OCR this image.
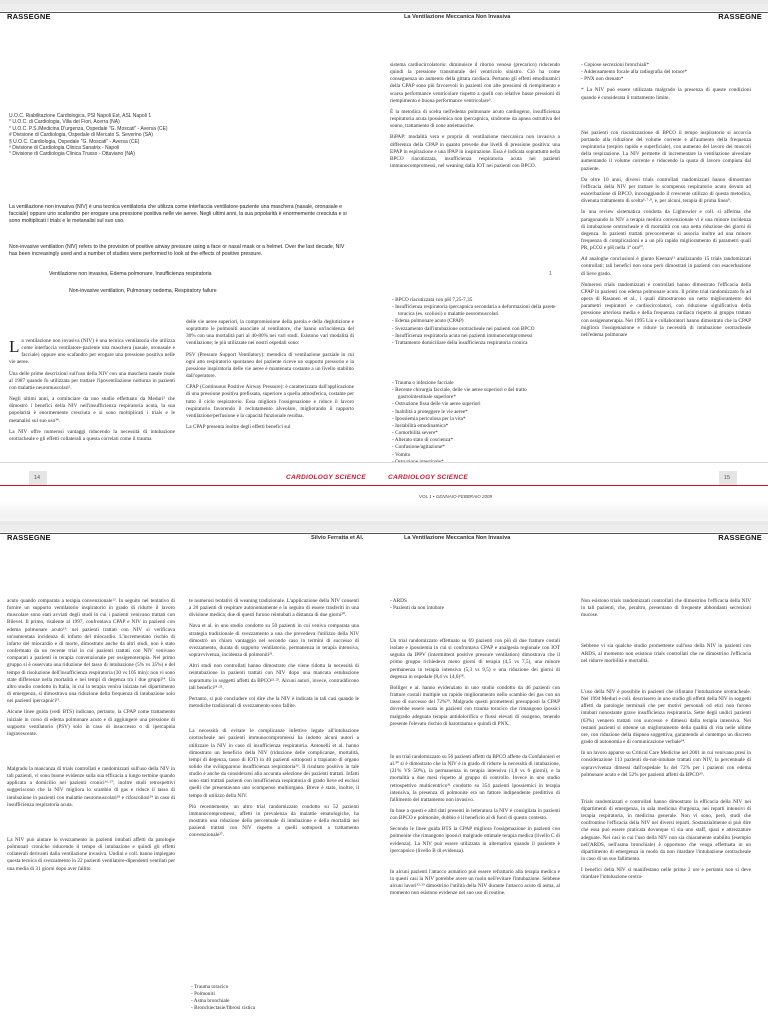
RASSEGNE
U.O.C. Riabilitazione Cardiologica, PSI Napoli Est, ASL Napoli 1
* U.O.C. di Cardiologia, Villa dei Fiori, Acerra (NA)
° U.O.C. P.S./Medicina D'urgenza, Ospedale "G. Moscati" - Aversa (CE)
# Divisione di Cardiologia, Ospedale di Mercato S. Severino (SA)
§ U.O.C. Cardiologia, Ospedale "G. Moscati" - Aversa (CE)
º Divisione di Cardiologia Clinica Sanatrix - Napoli
° Divisione di Cardiologia Clinica Trusso - Ottaviano (NA)
La ventilazione non invasiva (NIV) è una tecnica ventilatoria che utilizza come interfaccia ventilatore-paziente una maschera (nasale, oronasale e facciale) oppure uno scafandro per erogare una pressione positiva nelle vie aeree. Negli ultimi anni, la sua popolarità è enormemente cresciuta e si sono moltiplicati i trials e le metanalisi sul suo uso.
Non-invasive ventilation (NIV) refers to the provision of positive airway pressure using a face or nasal mask or a helmet. Over the last decade, NIV has been increasingly used and a number of studies were performed to look at the effects of positive pressure.
Ventilazione non invasiva, Edema polmonare, Insufficienza respiratoria
Non-invasive ventilation, Pulmonary oedema, Respiratory failure

La ventilazione non invasiva (NIV) è una tecnica ventilatoria che utilizza come interfaccia ventilatore-paziente una maschera (nasale, oronasale e facciale) oppure uno scafandro per erogare una pressione positiva nelle vie aeree.

Una delle prime descrizioni sull'uso della NIV con una maschera nasale risale al 1987 quando fu utilizzata per trattare l'ipoventilazione notturna in pazienti con malattie neuromuscolari¹.

Negli ultimi anni, a cominciare da uno studio effettuato da Meduri² che dimostrò i benefici della NIV nell'insufficienza respiratoria acuta, la sua popolarità è enormemente cresciuta e si sono moltiplicati i trials e le metanalisi sul suo uso³⁴.

La NIV offre numerosi vantaggi riducendo la necessità di intubazione orotracheale e gli effetti collaterali a questa correlati come il trauma

delle vie aeree superiori, la compromissione della parola e della deglutizione e soprattutto le polmoniti associate al ventilatore, che hanno un'incidenza del 30% con una mortalità pari al 40-80% nei vari studi. Esistono vari modalità di ventilazione; le più utilizzate nei nostri ospedali sono:

PSV (Pressure Support Ventilatory): metodica di ventilazione parziale in cui ogni atto respiratorio spontaneo del paziente riceve un supporto pressorio e la pressione inspiratoria delle vie aeree è mantenuta costante a un livello stabilito dall'operatore.

CPAP (Continuous Positive Airway Pressure): è caratterizzata dall'applicazione di una pressione positiva prefissata, superiore a quella atmosferica, costante per tutto il ciclo respiratorio. Essa migliora l'ossigenazione e riduce il lavoro respiratorio favorendo il reclutamento alveolare, migliorando il rapporto ventilazione/perfusione e la capacità funzionale residua.

La CPAP presenta inoltre degli effetti benefici sul

14	CARDIOLOGY SCIENCE
La Ventilazione Meccanica Non Invasiva	RASSEGNE

sistema cardiocircolatorio: diminuisce il ritorno venoso (precarico) riducendo quindi la pressione transmurale del ventricolo sinistro. Ciò ha come conseguenza un aumento della gittata cardiaca. Pertanto gli effetti emodinamici della CPAP sono più favorevoli in pazienti con alte pressioni di riempimento e scarsa performance ventricolare rispetto a quelli con relative basse pressioni di riempimento e buona performance ventricolare⁵.

È la metodica di scelta nell'edema polmonare acuto cardiogeno, insufficienza respiratoria acuta ipossiemica non ipercapnica, sindrome da apnea ostruttiva del sonno, trattamento di zone atelettasiche.

BiPAP: modalità vera e propria di ventilazione meccanica non invasiva a differenza della CPAP in quanto prevede due livelli di pressione positiva: una EPAP in espirazione e una IPAP in inspirazione. Essa è indicata soprattutto nella BPCO riacutizzata, insufficienza respiratoria acuta nei pazienti immunocompromessi, nel weaning dalla IOT nei pazienti con BPCO.

1
- BPCO riacutizzata con pH 7,25-7,35
- Insufficienza respiratoria ipercapnica secondaria a deformazioni della parete toracica (es. scoliosi) o malattie neuromuscolari
- Edema polmonare acuto (CPAP)
- Svezzamento dall'intubazione orotracheale nei pazienti con BPCO
- Insufficienza respiratoria acuta nei pazienti immunocompromessi
- Trattamento domiciliare della insufficienza respiratoria cronica
- Trauma o infezione facciale
- Recente chirurgia facciale, delle vie aeree superiori o del tratto gastrointestinale superiore*
- Ostruzione fissa delle vie aeree superiori
- Inabilità a proteggere le vie aeree*
- Ipossiemia pericolosa per la vita*
- Instabilità emodinamica*
- Comorbilità severe*
- Alterato stato di coscienza*
- Confusione/agitazione*
- Vomito
-
- Copiose secrezioni bronchiali*
- Addensamento focale alla radiografia del torace*
- PNX non drenato*

* La NIV può essere utilizzata malgrado la presenza di queste condizioni quando è considerata il trattamento limite.

Nei pazienti con riacutizzazione di BPCO il tempo inspiratorio si accorcia portando alla riduzione del volume corrente e all'aumento della frequenza respiratoria (respiro rapido e superficiale), con aumento del lavoro dei muscoli della respirazione. La NIV permette di incrementare la ventilazione alveolare aumentando il volume corrente e riducendo la quota di lavoro compiuta dal paziente.

Da oltre 10 anni, diversi trials controllati randomizzati hanno dimostrato l'efficacia della NIV per trattare lo scompenso respiratorio acuto dovuto ad esacerbazione di BPCO, incoraggiando il crescente utilizzo di questa metodica, divenuta trattamento di scelta⁶·⁷·⁸, e, per alcuni, terapia di prima linea⁹.

In una review sistematica condotta da Lightowler e coll. si afferma che paragonando la NIV a terapia medica convenzionale vi è una minore incidenza di intubazione orotracheale e di mortalità con una netta riduzione dei giorni di degenza. In pazienti trattati precocemente si associa inoltre ad una minore frequenza di complicazioni e a un più rapido miglioramento di parametri quali PR, pCO2 e pH nella 1ª ora¹⁰.

Ad analoghe conclusioni è giunto Keenan¹¹ analizzando 15 trials randomizzati controllati: tali benefici non sono però dimostrati in pazienti con esacerbazione di lieve grado.

Numerosi trials randomizzati e controllati hanno dimostrato l'efficacia della CPAP in pazienti con edema polmonare acuto. Il primo trial randomizzato fu ad opera di Rasanen et al., i quali dimostrarono un netto miglioramento dei parametri respiratori e cardiocircolatori, con riduzione significativa della pressione arteriosa media e della frequenza cardiaca rispetto al gruppo trattato con ossigenoterapia. Nel 1995 Lin e collaboratori hanno dimostrato che la CPAP migliora l'ossigenazione e riduce la necessità di intubazione orotracheale nell'edema polmonare

CARDIOLOGY SCIENCE	15
VOL 1 • GENNAIO-FEBBRAIO 2009
RASSEGNE	Silvio Ferratta et Al.

acuto quando comparata a terapia convenzionale¹². In seguito nel tentativo di fornire un supporto ventilatorio inspiratorio in grado di ridurre il lavoro muscolare sono stati avviati degli studi in cui i pazienti venivano trattati con Bilevel. Il primo, risalente al 1997, confrontava CPAP e NIV in pazienti con edema polmonare acuto¹³: nei pazienti trattati con NIV si verificava un'aumentata incidenza di infarto del miocardio. L'incrementato rischio di infarto del miocardio e di morte, dimostrato anche da altri studi, non è stato confermato da un recente trial in cui pazienti trattati con NIV venivano comparati a pazienti in terapia convenzionale per ossigenoterapia. Nel primo gruppo si è osservata una riduzione del tasso di intubazione (5% vs 35%) e del tempo di risoluzione dell'insufficienza respiratoria (30 vs 105 min): non vi sono state differenze nella mortalità e nei tempi di degenza tra i due gruppi¹⁴. Un altro studio condotto in Italia, in cui la terapia veniva iniziata nel dipartimento di emergenza, si dimostrava una riduzione della frequenza di intubazione solo nei pazienti ipercapnici¹⁵.

Alcune linee guida (vedi BTS) indicano, pertanto, la CPAP come trattamento iniziale in corso di edema polmonare acuto e di aggiungere una pressione di supporto ventilatorio (PSV) solo in caso di insuccesso o di ipercapnia ingravescente.

Malgrado la mancanza di trials controllati e randomizzati sull'uso della NIV in tali pazienti, vi sono buone evidenze sulla sua efficacia a lungo termine quando applicata a domicilio nei pazienti cronici¹⁶·¹⁷; inoltre studi retrospettivi suggeriscono che la NIV migliora lo scambio di gas e riduce il tasso di intubazione in pazienti con malattie neuromuscolari¹⁸ e cifoscoliosi¹⁹ in caso di insufficienza respiratoria acuta.

La NIV può aiutare lo svezzamento in pazienti intubati affetti da patologie polmonari croniche riducendo il tempo di intubazione e quindi gli effetti collaterali derivanti dalla ventilazione invasiva. Undini e coll. hanno impiegato questa tecnica di svezzamento in 22 pazienti ventilatore-dipendenti ventilati per una media di 31 giorni dopo aver fallito

te numerosi tentativi di weaning tradizionale. L'applicazione della NIV consentì a 20 pazienti di respirare autonomamente e in seguito di essere trasferiti in una divisione medica; due di questi furono reintubati a distanza di due giorni²⁰.

Nava et al. in uno studio condotto su 50 pazienti in cui veniva comparata una strategia tradizionale di svezzamento a una che prevedeva l'utilizzo della NIV dimostrò un chiaro vantaggio nel secondo caso in termini di successo di svezzamento, durata di supporto ventilatorio, permanenza in terapia intensiva, sopravvivenza, incidenza di polmoniti²¹.

Altri studi non controllati hanno dimostrato che viene ridotta la necessità di reintubazione in pazienti trattati con NIV dopo una mancata estubazione soprattutto in soggetti affetti da BPCO²²·²³. Alcuni autori, invece, contraddicono tali benefici²⁴·²⁵.

Pertanto, si può concludere col dire che la NIV è indicata in tali casi quando le metodiche tradizionali di svezzamento sono fallite.

La necessità di evitare le complicanze infettive legate all'intubazione orotracheale nei pazienti immunocompromessi ha indotto alcuni autori a utilizzare la NIV in caso di insufficienza respiratoria. Antonelli et al. hanno dimostrato un beneficio della NIV (riduzione delle complicanze, mortalità, tempi di degenza, tasso di IOT) in 40 pazienti sottoposti a trapianto di organo solido che svilupparono insufficienza respiratoria²⁶. Il risultato positivo in tale studio è anche da considerarsi alla accurata selezione dei pazienti trattati. Infatti sono stati trattati pazienti con insufficienza respiratoria di grado lieve ed esclusi quelli che presentavano uno scompenso multiorgano. Breve è stato, inoltre, il tempo di utilizzo della NIV.

Più recentemente, un altro trial randomizzato condotto su 52 pazienti immunocompromessi, affetti in prevalenza da malattie ematologiche, ha mostrato una riduzione della percentuale di intubazione e della mortalità nei pazienti trattati con NIV rispetto a quelli sottoposti a trattamento convenzionale²⁷.

- Trauma toracico
- Polmoniti
- Asma bronchiale
- Bronchiectasie/fibrosi cistica
La Ventilazione Meccanica Non Invasiva	RASSEGNE
- ARDS
- Pazienti da non intubare

Un trial randomizzato effettuato su 69 pazienti con più di due fratture costali isolate e ipossiemia in cui si confrontava CPAP e analgesia regionale con IOT seguita da IPPV (intermittent positive pressure ventilation) dimostrava che il primo gruppo richiedeva meno giorni di terapia (4,5 vs 7,5), una minore permanenza in terapia intensiva (5,3 vs 9,5) e una riduzione dei giorni di degenza in ospedale (8,4 vs 14,6)²⁸.

Bolliger e al. hanno evidenziato in uno studio condotto da 46 pazienti con fratture costali multiple un rapido miglioramento nello scambio dei gas con un tasso di successo del 72%²⁹. Malgrado questi promettenti presupposti la CPAP dovrebbe essere usata in pazienti con trauma toracico che rimangono ipossici malgrado adeguata terapia antidolorifica e flussi elevati di ossigeno, tenendo presente l'elevato rischio di barotrauma e quindi di PNX.

In un trial randomizzato su 56 pazienti affetti da BPCO affette da Confalonieri et al.³⁰ si è dimostrato che la NIV è in grado di ridurre la necessità di intubazione, (21% VS 50%), la permanenza in terapia intensiva (1,8 vs 6 giorni), e la mortalità a due mesi rispetto al gruppo di controllo. Invece in uno studio retrospettivo multicentrico³¹ condotto su 354 pazienti ipossiemici in terapia intensiva, la presenza di polmonite era un fattore indipendente predittivo di fallimento del trattamento non invasivo.

In base a questi e altri dati presenti in letteratura la NIV è consigliata in pazienti con BPCO e polmonite, dubbio è il beneficio al di fuori di questo contesto.

Secondo le linee guida BTS la CPAP migliora l'ossigenazione in pazienti con polmonite che rimangono ipossici malgrado ottimale terapia medica (livello C di evidenza). La NIV può essere utilizzata in alternativa quando il paziente è ipercapnico (livello B di evidenza).

In alcuni pazienti l'attacco asmatico può essere refrattario alla terapia medica e in questi casi la NIV potrebbe avere un ruolo nell'evitare l'intubazione. Sebbene alcuni lavori³²·³³ dimostrino l'utilità della NIV durante l'attacco acuto di asma, al momento non esistono evidenze nel suo uso di routine.

Non esistono trials randomizzati controllati che dimostrino l'efficacia della NIV in tali pazienti, che, peraltro, presentano di frequente abbondanti secrezioni mucose.

Sebbene vi sia qualche studio promettente sull'uso della NIV in pazienti con ARDS, al momento non esistono trials controllati che ne dimostrino l'efficacia nel ridurre morbilità e mortalità.

L'uso della NIV è possibile in pazienti che rifiutano l'intubazione orotracheale. Nel 1994 Meduri e coll. descrissero in uno studio gli effetti della NIV in soggetti affetti da patologie terminali che per motivi personali od etici non furono intubati nonostante grave insufficienza respiratoria. Sette degli undici pazienti (63%) vennero trattati con successo e dimessi dalla terapia intensiva. Nei restanti pazienti si ottenne un miglioramento della qualità di vita nelle ultime ore, con riduzione della dispnea soggettiva, garantendo al contempo un discreto grado di autonomia e di comunicazione verbale³⁴.

In un lavoro apparso su Critical Care Medicine nel 2001 in cui venivano presi in considerazione 113 pazienti do-not-intubate trattati con NIV, la percentuale di sopravvivenza dimessi dall'ospedale fu del 72% per i pazienti con edema polmonare acuto e del 52% per pazienti affetti da BPCO³⁵.

Trials randomizzati e controllati hanno dimostrato la efficacia della NIV nei dipartimenti di emergenza, in sala medicina d'urgenza, nei reparti intensivi di terapia respiratoria, in medicina generale. Non vi sono, però, studi che confrontino l'efficacia della NIV nei diversi reparti. Sostanzialmente si può dire che essa può essere praticata dovunque vi sia uno staff, spazi e attrezzature adeguate. Nei casi in cui l'uso della NIV non sia chiaramente stabilito (esempio nell'ARDS, nell'asma bronchiale) è opportuno che venga effettuata in un dipartimento di emergenza in modo da non ritardare l'intubazione orotracheale in caso di un suo fallimento.

I benefici della NIV si manifestano nelle prime 2 ore e pertanto non si deve ritardare l'intubazione orotra-
